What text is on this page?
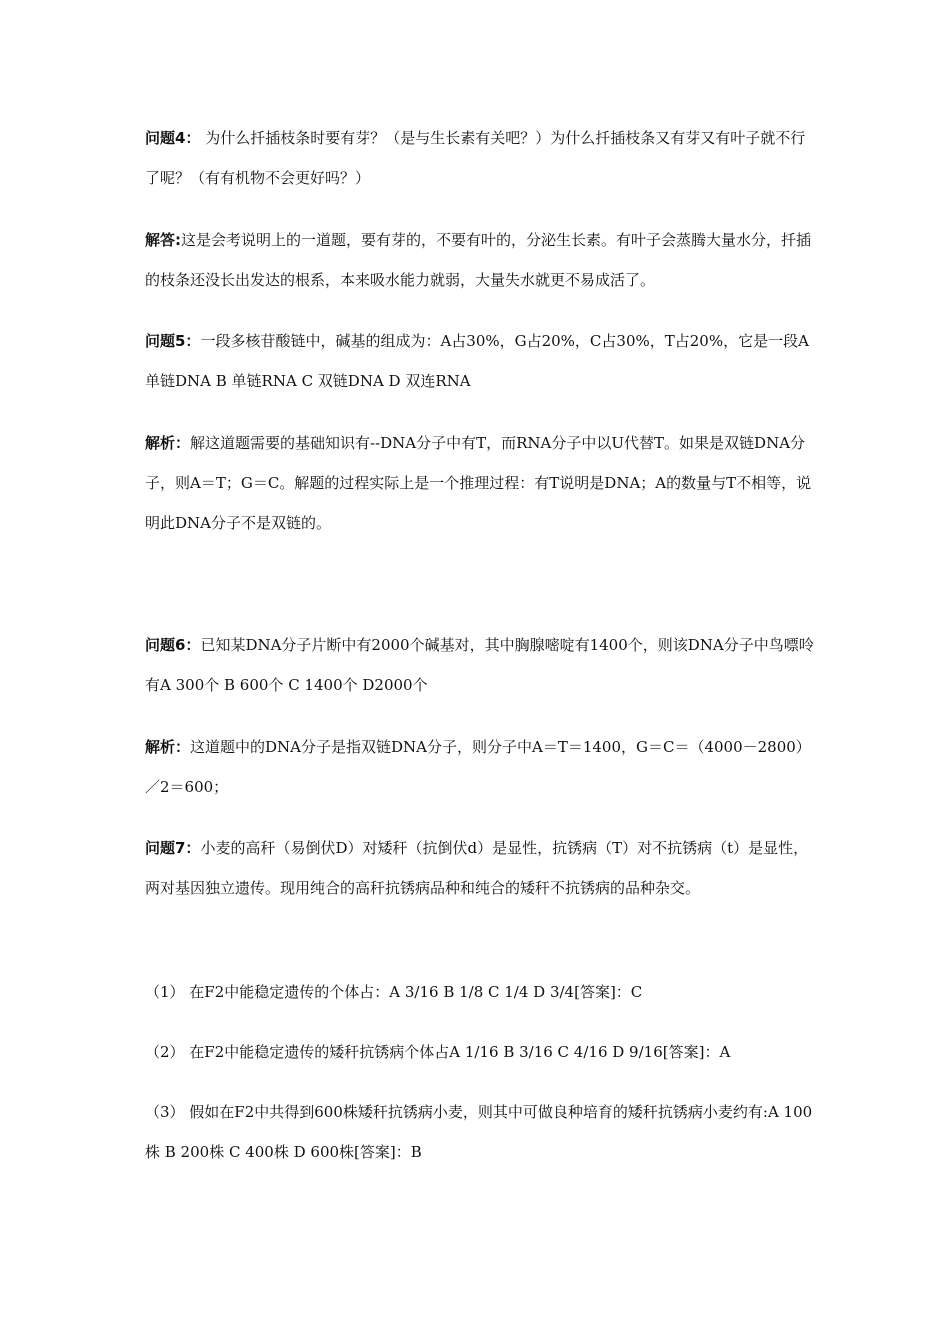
问题4： 为什么扦插枝条时要有芽？（是与生长素有关吧？）为什么扦插枝条又有芽又有叶子就不行了呢？（有有机物不会更好吗？）

解答:这是会考说明上的一道题，要有芽的，不要有叶的，分泌生长素。有叶子会蒸腾大量水分，扦插的枝条还没长出发达的根系，本来吸水能力就弱，大量失水就更不易成活了。

问题5：一段多核苷酸链中，碱基的组成为：A占30%，G占20%，C占30%，T占20%，它是一段A 单链DNA B 单链RNA C 双链DNA D 双连RNA

解析：解这道题需要的基础知识有--DNA分子中有T，而RNA分子中以U代替T。如果是双链DNA分子，则A＝T；G＝C。解题的过程实际上是一个推理过程：有T说明是DNA；A的数量与T不相等，说明此DNA分子不是双链的。

问题6：已知某DNA分子片断中有2000个碱基对，其中胸腺嘧啶有1400个，则该DNA分子中鸟嘌呤有A 300个 B 600个 C 1400个 D2000个

解析：这道题中的DNA分子是指双链DNA分子，则分子中A＝T＝1400，G＝C＝（4000－2800）／2＝600；

问题7：小麦的高秆（易倒伏D）对矮秆（抗倒伏d）是显性，抗锈病（T）对不抗锈病（t）是显性，两对基因独立遗传。现用纯合的高秆抗锈病品种和纯合的矮秆不抗锈病的品种杂交。

（1） 在F2中能稳定遗传的个体占：A 3/16 B 1/8 C 1/4 D 3/4[答案]：C

（2） 在F2中能稳定遗传的矮秆抗锈病个体占A 1/16 B 3/16 C 4/16 D 9/16[答案]：A

（3） 假如在F2中共得到600株矮秆抗锈病小麦，则其中可做良种培育的矮秆抗锈病小麦约有:A 100株 B 200株 C 400株 D 600株[答案]：B
